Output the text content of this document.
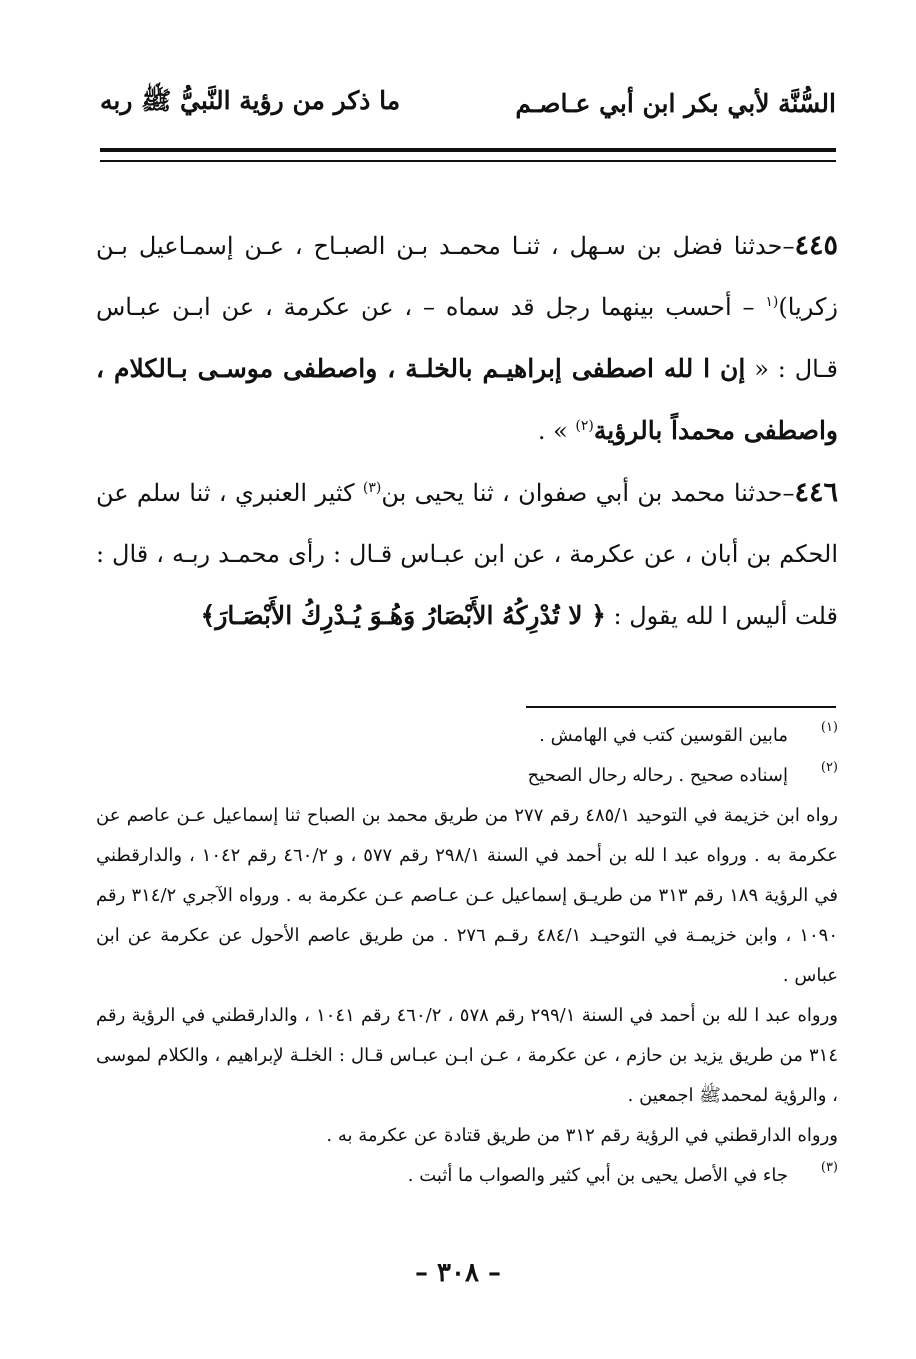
السُّنَّة لأبي بكر ابن أبي عـاصـم
ما ذكر من رؤية النَّبيُّ ﷺ ربه

٤٤٥–حدثنا فضل بن سـهل ، ثنـا محمـد بـن الصبـاح ، عـن إسمـاعيل بـن زكريا)$^{(١}$ – أحسب بينهما رجل قد سماه – ، عن عكرمة ، عن ابـن عبـاس قـال : « إن ا لله اصطفى إبراهيـم بالخلـة ، واصطفى موسـى بـالكلام ، واصطفى محمداً بالرؤية$^{(٢)}$ » .

٤٤٦–حدثنا محمد بن أبي صفوان ، ثنا يحيى بن$^{(٣)}$ كثير العنبري ، ثنا سلم عن الحكم بن أبان ، عن عكرمة ، عن ابن عبـاس قـال : رأى محمـد ربـه ، قال : قلت أليس ا لله يقول : ﴿ لا تُدْرِكُهُ الأَبْصَارُ وَهُـوَ يُـدْرِكُ الأَبْصَـارَ﴾

(١)
مابين القوسين كتب في الهامش .
(٢)
إسناده صحيح . رحاله رحال الصحيح

رواه ابن خزيمة في التوحيد ٤٨٥/١ رقم ٢٧٧ من طريق محمد بن الصباح ثنا إسماعيل عـن عاصم عن عكرمة به . ورواه عبد ا لله بن أحمد في السنة ٢٩٨/١ رقم ٥٧٧ ، و ٤٦٠/٢ رقم ١٠٤٢ ، والدارقطني في الرؤية ١٨٩ رقم ٣١٣ من طريـق إسماعيل عـن عـاصم عـن عكرمة به . ورواه الآجري ٣١٤/٢ رقم ١٠٩٠ ، وابن خزيمـة في التوحيـد ٤٨٤/١ رقـم ٢٧٦ . من طريق عاصم الأحول عن عكرمة عن ابن عباس .

ورواه عبد ا لله بن أحمد في السنة ٢٩٩/١ رقم ٥٧٨ ، ٤٦٠/٢ رقم ١٠٤١ ، والدارقطني في الرؤية رقم ٣١٤ من طريق يزيد بن حازم ، عن عكرمة ، عـن ابـن عبـاس قـال : الخلـة لإبراهيم ، والكلام لموسى ، والرؤية لمحمدﷺ اجمعين .

ورواه الدارقطني في الرؤية رقم ٣١٢ من طريق قتادة عن عكرمة به .

(٣)
جاء في الأصل يحيى بن أبي كثير والصواب ما أثبت .
– ٣٠٨ –
